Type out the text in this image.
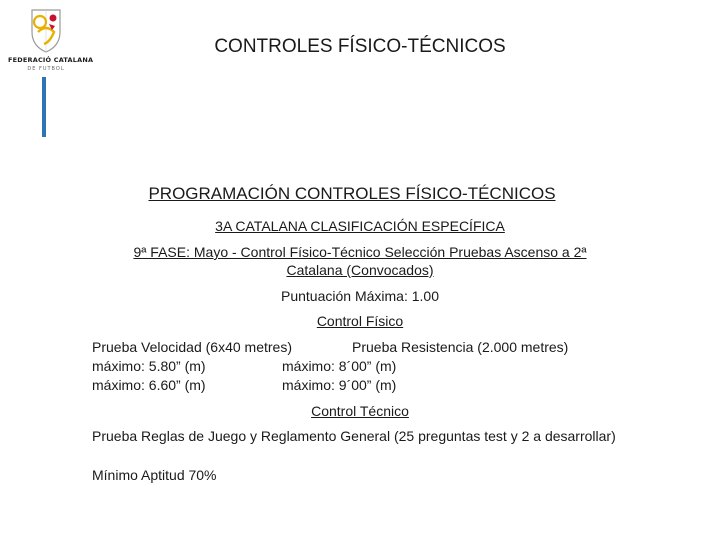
FEDERACIÓ CATALANA
DE FUTBOL
CONTROLES FÍSICO-TÉCNICOS
PROGRAMACIÓN CONTROLES FÍSICO-TÉCNICOS
3A CATALANA CLASIFICACIÓN ESPECÍFICA
9ª FASE: Mayo - Control Físico-Técnico Selección Pruebas Ascenso a 2ª
Catalana (Convocados)
Puntuación Máxima: 1.00
Control Físico
Prueba Velocidad (6x40 metres)	Prueba Resistencia (2.000 metres)
máximo: 5.80” (m)	máximo: 8´00” (m)
máximo: 6.60” (m)	máximo: 9´00” (m)
Control Técnico
Prueba Reglas de Juego y Reglamento General (25 preguntas test y 2 a desarrollar)
Mínimo Aptitud 70%
